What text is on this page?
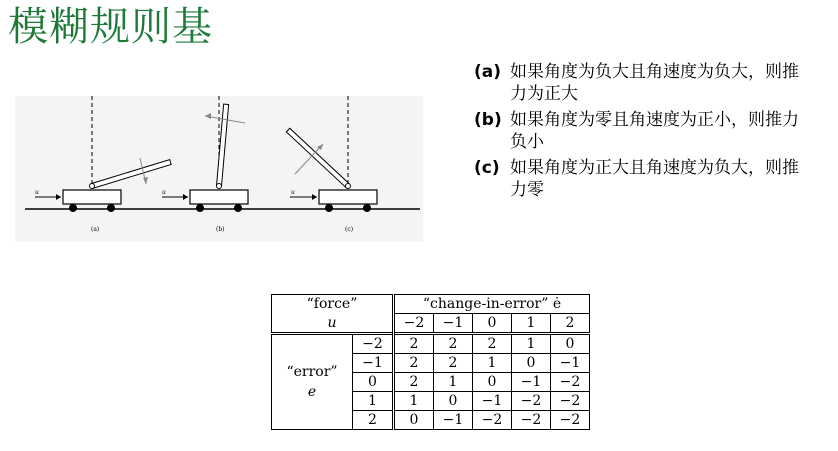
模糊规则基
u
(a)
u
(b)
u
(c)
(a) 如果角度为负大且角速度为负大，则推力为正大
(b) 如果角度为零且角速度为正小，则推力负小
(c) 如果角度为正大且角速度为负大，则推力零
“force”		“change-in-error” ė				
u		−2	−1	0	1	2

“error”
e	−2	2	2	2	1	0
	−1	2	2	1	0	−1
	0	2	1	0	−1	−2
	1	1	0	−1	−2	−2
	2	0	−1	−2	−2	−2
